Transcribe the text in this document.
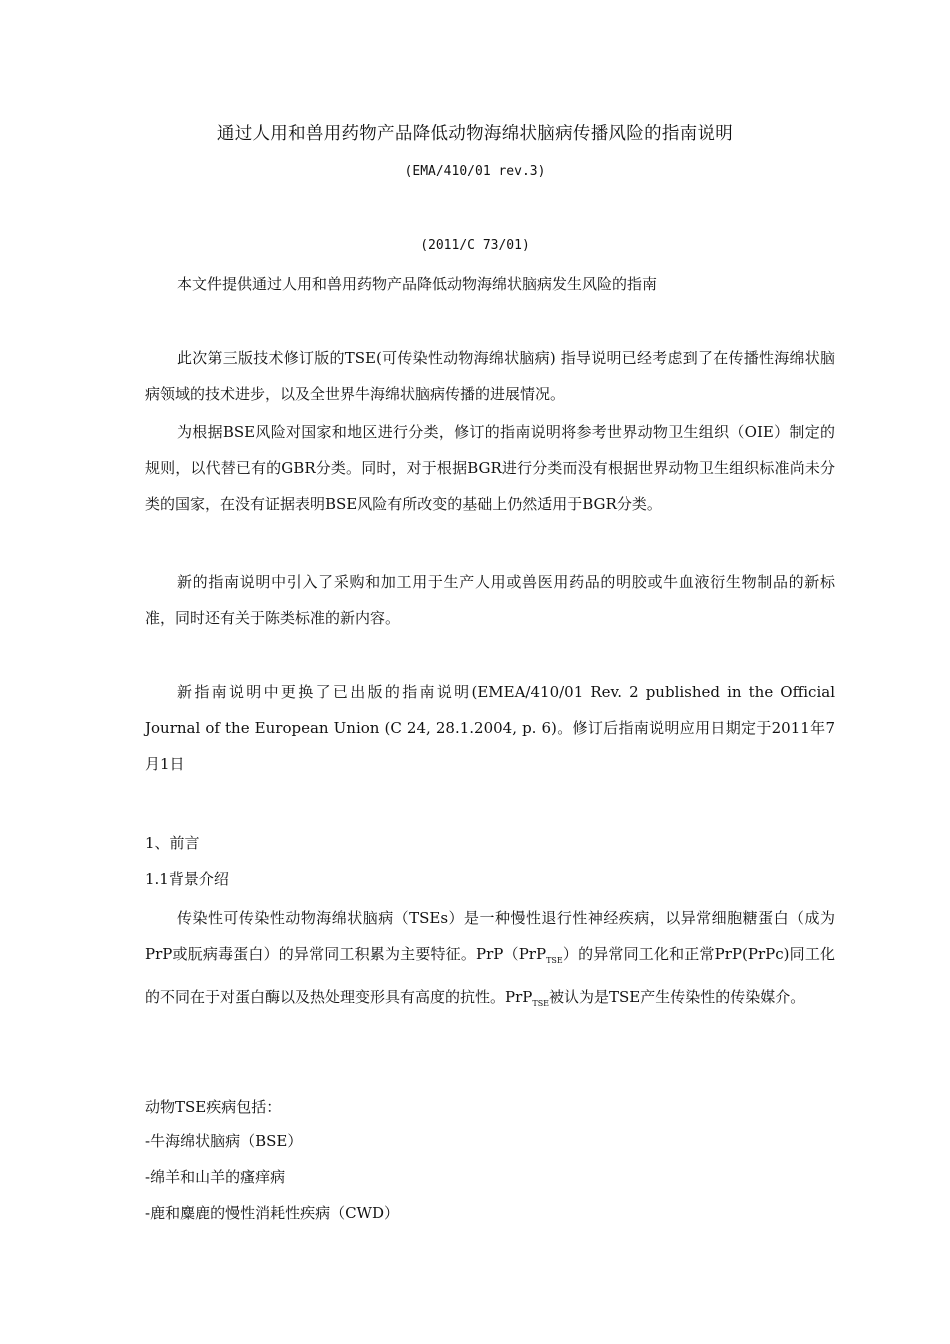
通过人用和兽用药物产品降低动物海绵状脑病传播风险的指南说明
(EMA/410/01 rev.3)
(2011/C 73/01)
本文件提供通过人用和兽用药物产品降低动物海绵状脑病发生风险的指南
此次第三版技术修订版的TSE(可传染性动物海绵状脑病) 指导说明已经考虑到了在传播性海绵状脑病领域的技术进步，以及全世界牛海绵状脑病传播的进展情况。
为根据BSE风险对国家和地区进行分类，修订的指南说明将参考世界动物卫生组织（OIE）制定的规则，以代替已有的GBR分类。同时，对于根据BGR进行分类而没有根据世界动物卫生组织标准尚未分类的国家，在没有证据表明BSE风险有所改变的基础上仍然适用于BGR分类。
新的指南说明中引入了采购和加工用于生产人用或兽医用药品的明胶或牛血液衍生物制品的新标准，同时还有关于陈类标准的新内容。
新指南说明中更换了已出版的指南说明(EMEA/410/01 Rev. 2 published in the Official Journal of the European Union (C 24, 28.1.2004, p. 6)。修订后指南说明应用日期定于2011年7月1日
1、前言
1.1背景介绍
传染性可传染性动物海绵状脑病（TSEs）是一种慢性退行性神经疾病，以异常细胞糖蛋白（成为PrP或朊病毒蛋白）的异常同工积累为主要特征。PrP（PrP$_{TSE}$）的异常同工化和正常PrP(PrPc)同工化的不同在于对蛋白酶以及热处理变形具有高度的抗性。PrP$_{TSE}$被认为是TSE产生传染性的传染媒介。
动物TSE疾病包括：
-牛海绵状脑病（BSE）
-绵羊和山羊的瘙痒病
-鹿和麋鹿的慢性消耗性疾病（CWD）
